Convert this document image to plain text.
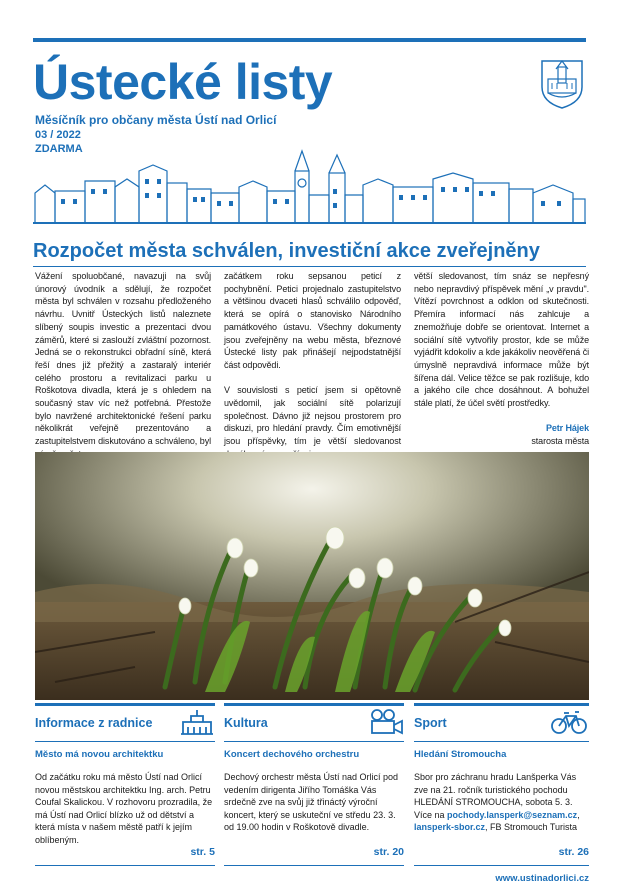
Ústecké listy
Měsíčník pro občany města Ústí nad Orlicí
03 / 2022
ZDARMA
Rozpočet města schválen, investiční akce zveřejněny

Vážení spoluobčané, navazuji na svůj únorový úvodník a sdělují, že rozpočet města byl schválen v rozsahu předloženého návrhu. Uvnitř Ústeckých listů naleznete slíbený soupis investic a prezentaci dvou záměrů, které si zaslouží zvláštní pozornost. Jedná se o rekonstrukci obřadní síně, která řeší dnes již přežitý a zastaralý interiér celého prostoru a revitalizaci parku u Roškotova divadla, která je s ohledem na současný stav víc než potřebná. Přestože bylo navržené architektonické řešení parku několikrát veřejně prezentováno a zastupitelstvem diskutováno a schváleno, byl

začátkem roku sepsanou peticí z pochybnění. Petici projednalo zastupitelstvo a většinou dvaceti hlasů schválilo odpověď, která se opírá o stanovisko Národního památkového ústavu. Všechny dokumenty jsou zveřejněny na webu města, březnové Ústecké listy pak přinášejí nejpodstatnější část odpovědi.

V souvislosti s peticí jsem si opětovně uvědomil, jak sociální sítě polarizují společnost. Dávno již nejsou prostorem pro diskuzi, pro hledání pravdy. Čím emotivnější jsou příspěvky, tím je větší sledovanost

větší sledovanost, tím snáz se nepřesný nebo nepravdivý příspěvek mění „v pravdu". Vítězí povrchnost a odklon od skutečnosti. Přemíra informací nás zahlcuje a znemožňuje dobře se orientovat. Internet a sociální sítě vytvořily prostor, kde se může vyjádřit kdokoliv a kde jakákoliv neověřená či úmyslně nepravdivá informace může být šířena dál. Velice těžce se pak rozlišuje, kdo a jakého cíle chce dosáhnout. A bohužel stále platí, že účel světí prostředky.

Petr Hájek
starosta města
Informace z radnice
Město má novou architektku
Od začátku roku má město Ústí nad Orlicí novou městskou architektku Ing. arch. Petru Coufal Skalickou. V rozhovoru prozradila, že má Ústí nad Orlicí blízko už od dětství a která místa v našem městě patří k jejím oblíbeným.
str. 5
Kultura
Koncert dechového orchestru
Dechový orchestr města Ústí nad Orlicí pod vedením dirigenta Jiřího Tomáška Vás srdečně zve na svůj již třináctý výroční koncert, který se uskuteční ve středu 23. 3. od 19.00 hodin v Roškotově divadle.
str. 20
Sport
Hledání Stromoucha
Sbor pro záchranu hradu Lanšperka Vás zve na 21. ročník turistického pochodu HLEDÁNÍ STROMOUCHA, sobota 5. 3. Více na pochody.lansperk@seznam.cz, lansperk-sbor.cz, FB Stromouch Turista
str. 26
www.ustinadorlici.cz
